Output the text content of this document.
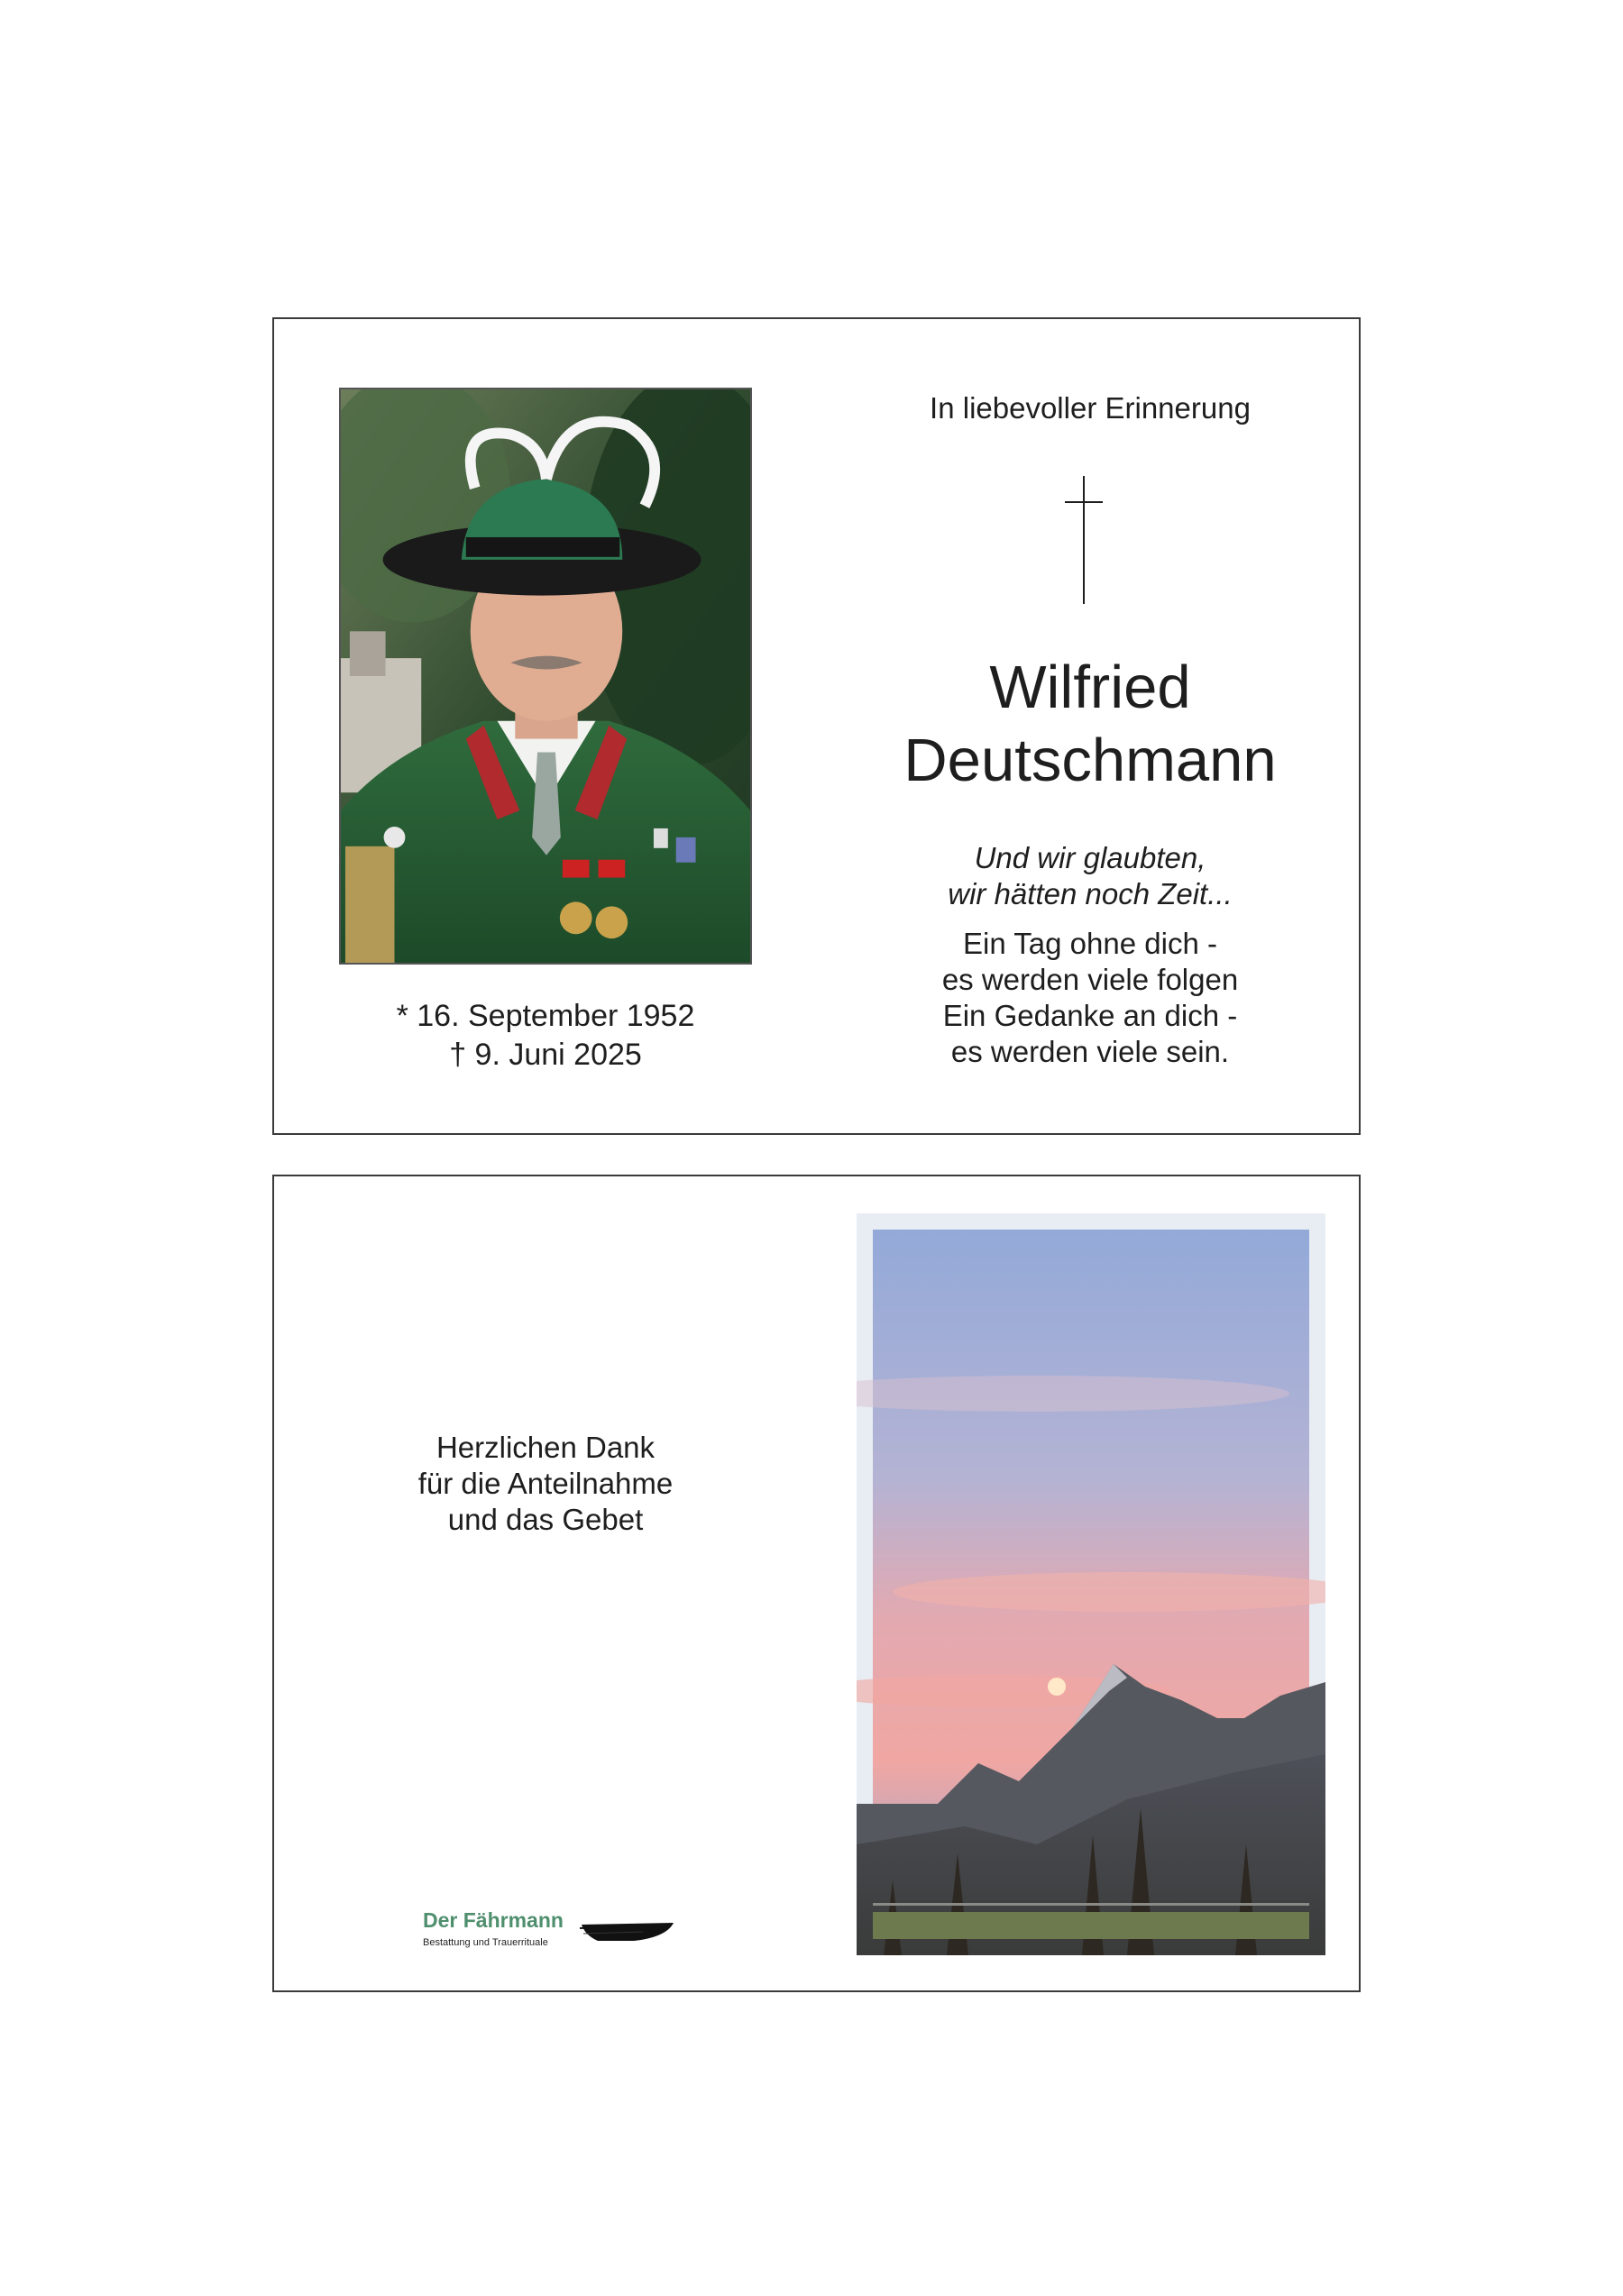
* 16. September 1952
† 9. Juni 2025
In liebevoller Erinnerung
Wilfried
Deutschmann
Und wir glaubten,
wir hätten noch Zeit...
Ein Tag ohne dich -
es werden viele folgen
Ein Gedanke an dich -
es werden viele sein.
Herzlichen Dank
für die Anteilnahme
und das Gebet
Der Fährmann
Bestattung und Trauerrituale
